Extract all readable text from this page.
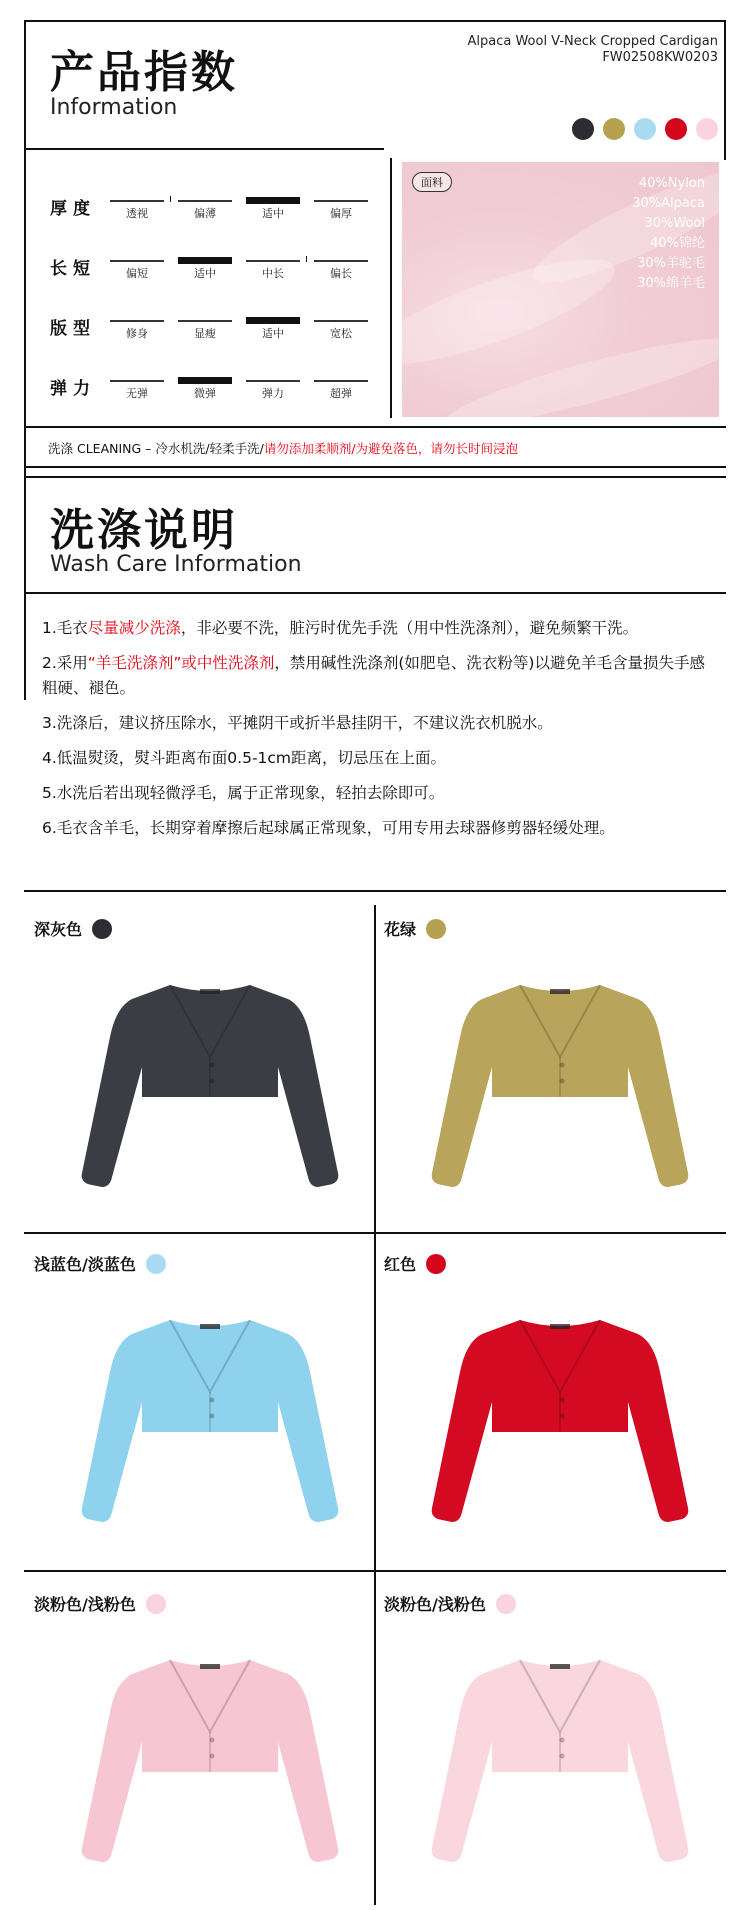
产品指数
Information
Alpaca Wool V-Neck Cropped Cardigan
FW02508KW0203
厚度	透视	偏薄	适中	偏厚
长短	偏短	适中	中长	偏长
版型	修身	显瘦	适中	宽松
弹力	无弹	微弹	弹力	超弹
面料	40%Nylon
30%Alpaca
30%Wool
40%锦纶
30%羊驼毛
30%绵羊毛
洗涤 CLEANING – 冷水机洗/轻柔手洗/请勿添加柔顺剂/为避免落色，请勿长时间浸泡
洗涤说明
Wash Care Information

1.毛衣尽量减少洗涤，非必要不洗，脏污时优先手洗（用中性洗涤剂），避免频繁干洗。

2.采用“羊毛洗涤剂”或中性洗涤剂，禁用碱性洗涤剂(如肥皂、洗衣粉等)以避免羊毛含量损失手感粗硬、褪色。

3.洗涤后，建议挤压除水，平摊阴干或折半悬挂阴干，不建议洗衣机脱水。

4.低温熨烫，熨斗距离布面0.5-1cm距离，切忌压在上面。

5.水洗后若出现轻微浮毛，属于正常现象，轻拍去除即可。

6.毛衣含羊毛，长期穿着摩擦后起球属正常现象，可用专用去球器修剪器轻缓处理。

深灰色	花绿
浅蓝色/淡蓝色	红色
淡粉色/浅粉色	淡粉色/浅粉色
